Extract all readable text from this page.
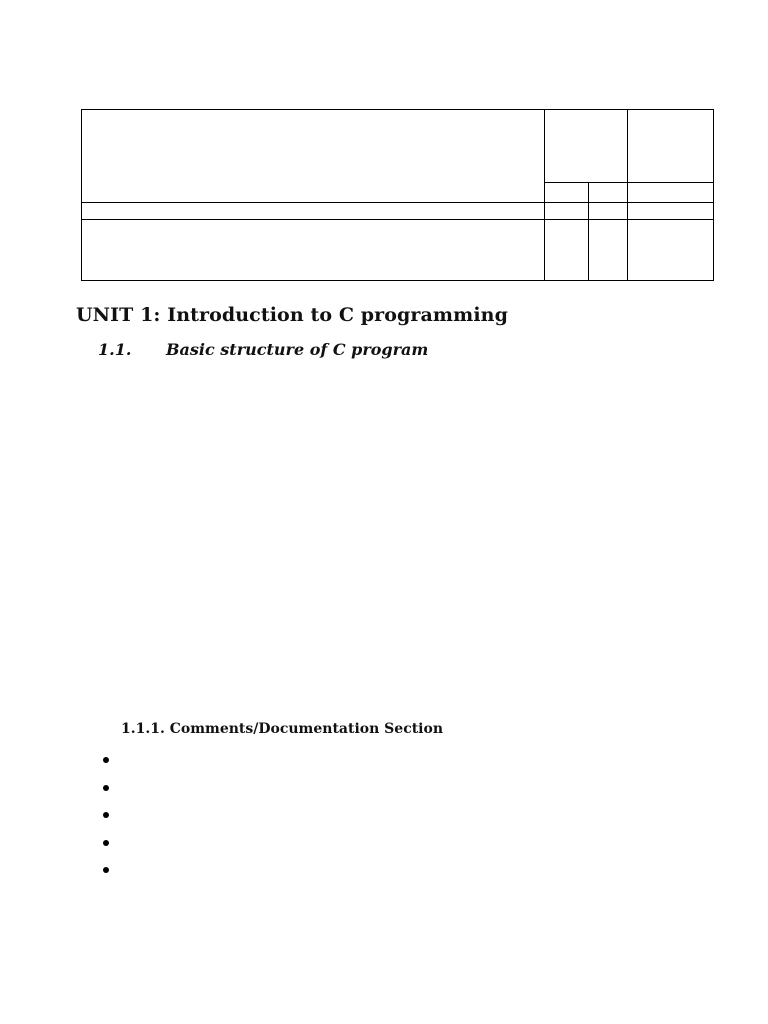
UNIT 1: Introduction to C programming
1.1. Basic structure of C program
1.1.1. Comments/Documentation Section
